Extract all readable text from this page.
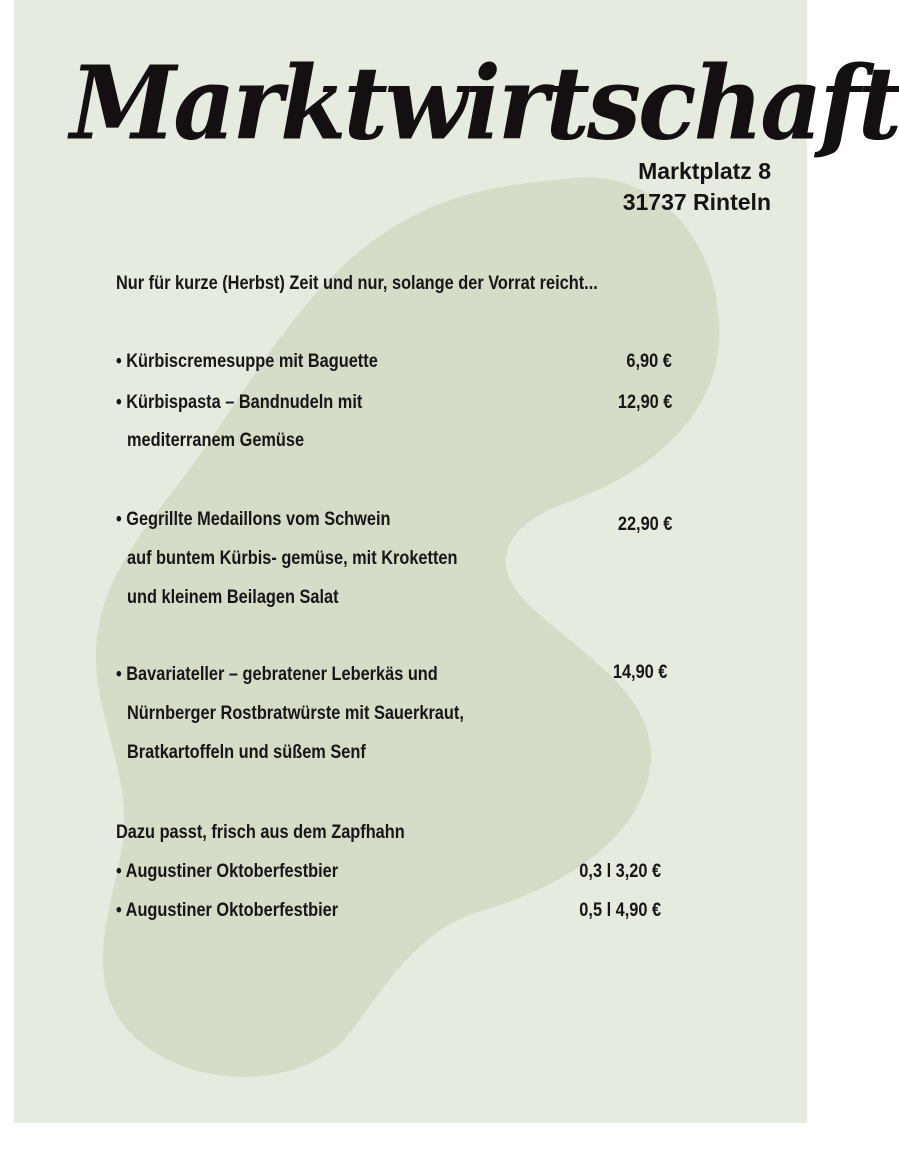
Marktwirtschaft
Marktplatz 8
31737 Rinteln
Nur für kurze (Herbst) Zeit und nur, solange der Vorrat reicht...
• Kürbiscremesuppe mit Baguette	6,90 €
• Kürbispasta – Bandnudeln mit
mediterranem Gemüse
12,90 €
• Gegrillte Medaillons vom Schwein
auf buntem Kürbis- gemüse, mit Kroketten
und kleinem Beilagen Salat
22,90 €
• Bavariateller – gebratener Leberkäs und
Nürnberger Rostbratwürste mit Sauerkraut,
Bratkartoffeln und süßem Senf
14,90 €
Dazu passt, frisch aus dem Zapfhahn
• Augustiner Oktoberfestbier	0,3 l 3,20 €
• Augustiner Oktoberfestbier	0,5 l 4,90 €
